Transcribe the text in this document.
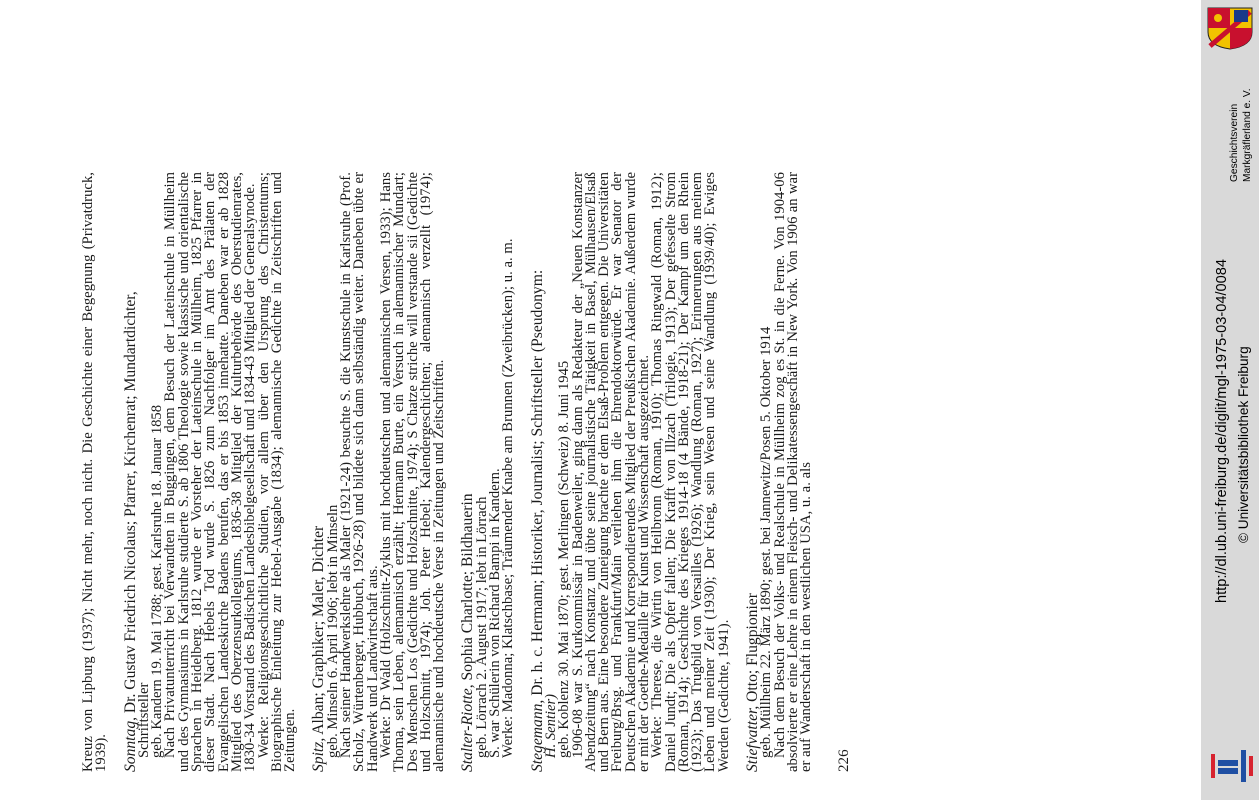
Kreuz von Lipburg (1937); Nicht mehr, noch nicht. Die Geschichte einer Begegnung (Privatdruck, 1939). Sonntag, Dr. Gustav Friedrich Nicolaus; Pfarrer, Kirchenrat; Mundartdichter,

Schriftsteller

geb. Kandern 19. Mai 1788; gest. Karlsruhe 18. Januar 1858

Nach Privatunterricht bei Verwandten in Buggingen, dem Besuch der Lateinschule in Müllheim und des Gymnasiums in Karlsruhe studierte S. ab 1806 Theologie sowie klassische und orientalische Sprachen in Heidelberg. 1812 wurde er Vorsteher der Lateinschule in Müllheim, 1825 Pfarrer in dieser Stadt. Nach Hebels Tod wurde S. 1826 zum Nachfolger im Amt des Prälaten der Evangelischen Landeskirche Badens berufen, das er bis 1853 innehatte. Daneben war er ab 1828 Mitglied des Oberzensurkollegiums, 1836-38 Mitglied der Kulturbehörde des Oberstudienrates, 1830-34 Vorstand des Badischen Landesbibelgesellschaft und 1834-43 Mitglied der Generalsynode.

Werke: Religionsgeschichtliche Studien, vor allem über den Ursprung des Christentums; Biographische Einleitung zur Hebel-Ausgabe (1834); alemannische Gedichte in Zeitschriften und Zeitungen. Spitz, Alban; Graphiker; Maler, Dichter

geb. Minseln 6. April 1906; lebt in Minseln

Nach seiner Handwerkslehre als Maler (1921-24) besuchte S. die Kunstschule in Karlsruhe (Prof. Scholz, Würtenberger, Hubbuch, 1926-28) und bildete sich dann selbständig weiter. Daneben übte er Handwerk und Landwirtschaft aus.

Werke: Dr Wald (Holzschnitt-Zyklus mit hochdeutschen und alemannischen Versen, 1933); Hans Thoma, sein Leben, alemannisch erzählt; Hermann Burte, ein Versuch in alemannischer Mundart; Des Menschen Los (Gedichte und Holzschnitte, 1974); S Chatze striche will verstande sii (Gedichte und Holzschnitt, 1974); Joh. Peter Hebel; Kalendergeschichten; alemannisch verzellt (1974); alemannische und hochdeutsche Verse in Zeitungen und Zeitschriften. Stalter-Riotte, Sophia Charlotte; Bildhauerin

geb. Lörrach 2. August 1917; lebt in Lörrach

S. war Schülerin von Richard Bampi in Kandern.

Werke: Madonna; Klatschbase; Träumender Knabe am Brunnen (Zweibrücken); u. a. m. Stegemann, Dr. h. c. Hermann; Historiker, Journalist; Schriftsteller (Pseudonym:

H. Sentier)

geb. Koblenz 30. Mai 1870; gest. Merlingen (Schweiz) 8. Juni 1945

1906-08 war S. Kurkommissär in Badenweiler, ging dann als Redakteur der „Neuen Konstanzer Abendzeitung“ nach Konstanz und übte seine journalistische Tätigkeit in Basel, Mülhausen/Elsaß und Bern aus. Eine besondere Zuneigung brachte er dem Elsaß-Problem entgegen. Die Universitäten Freiburg/Brsg. und Frankfurt/Main verliehen ihm die Ehrendoktorwürde. Er war Senator der Deutschen Akademie und Korrespondierendes Mitglied der Preußischen Akademie. Außerdem wurde er mit der Goethe-Medaille für Kunst und Wissenschaft ausgezeichnet.

Werke: Therese, die Wirtin von Heilbronn (Roman, 1910); Thomas Ringwald (Roman, 1912); Daniel Jundt; Die als Opfer fallen; Die Krafft von Illzach (Trilogie, 1913); Der gefesselte Strom (Roman, 1914); Geschichte des Krieges 1914-18 (4 Bände, 1918-21); Der Kampf um den Rhein (1923); Das Trugbild von Versailles (1926); Wandlung (Roman, 1927); Erinnerungen aus meinem Leben und meiner Zeit (1930); Der Krieg, sein Wesen und seine Wandlung (1939/40); Ewiges Werden (Gedichte, 1941). Stiefvatter, Otto; Flugpionier

geb. Müllheim 22. März 1890; gest. bei Jannewitz/Posen 5. Oktober 1914

Nach dem Besuch der Volks- und Realschule in Müllheim zog es St. in die Ferne. Von 1904-06 absolvierte er eine Lehre in einem Fleisch- und Delikatessengeschäft in New York. Von 1906 an war er auf Wanderschaft in den westlichen USA, u. a. als 226

http://dl.ub.uni-freiburg.de/diglit/mgl-1975-03-04/0084 © Universitätsbibliothek Freiburg
Geschichtsverein Markgräflerland e. V.
